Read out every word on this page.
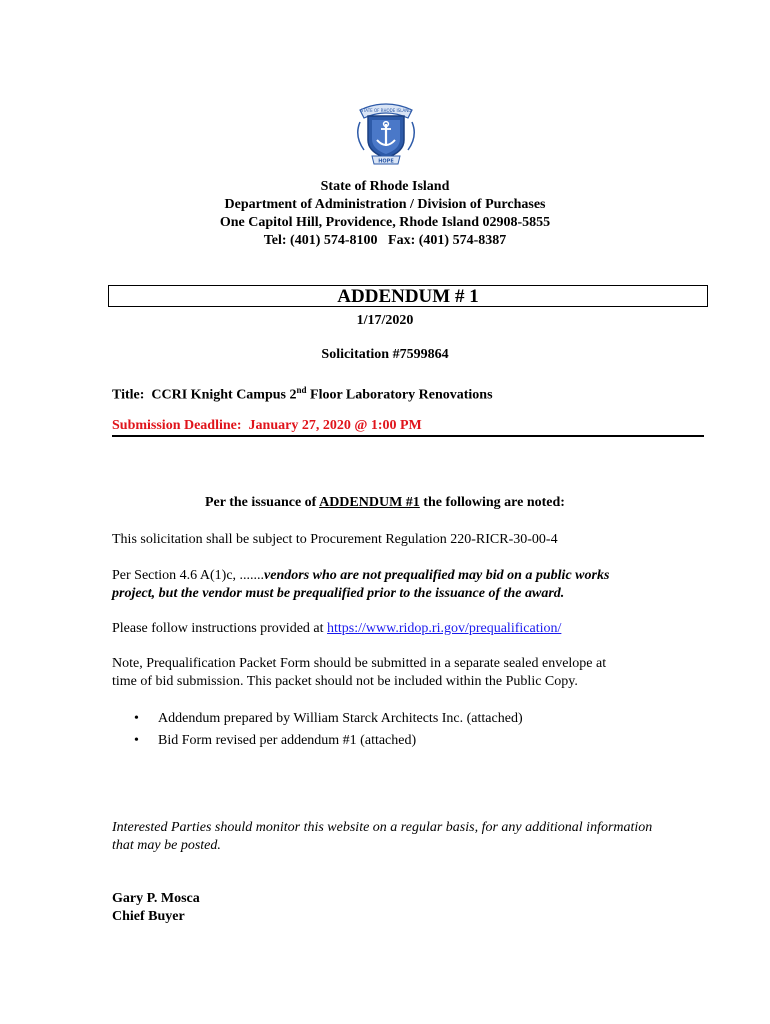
STATE OF RHODE ISLAND
HOPE
State of Rhode Island
Department of Administration / Division of Purchases
One Capitol Hill, Providence, Rhode Island 02908-5855
Tel: (401) 574-8100   Fax: (401) 574-8387
ADDENDUM # 1
1/17/2020
Solicitation #7599864
Title:  CCRI Knight Campus 2nd Floor Laboratory Renovations
Submission Deadline:  January 27, 2020 @ 1:00 PM
Per the issuance of ADDENDUM #1 the following are noted:
This solicitation shall be subject to Procurement Regulation 220-RICR-30-00-4
Per Section 4.6 A(1)c, .......vendors who are not prequalified may bid on a public works
project, but the vendor must be prequalified prior to the issuance of the award.
Please follow instructions provided at https://www.ridop.ri.gov/prequalification/
Note, Prequalification Packet Form should be submitted in a separate sealed envelope at
time of bid submission. This packet should not be included within the Public Copy.
• Addendum prepared by William Starck Architects Inc. (attached)
• Bid Form revised per addendum #1 (attached)
Interested Parties should monitor this website on a regular basis, for any additional information
that may be posted.
Gary P. Mosca
Chief Buyer
